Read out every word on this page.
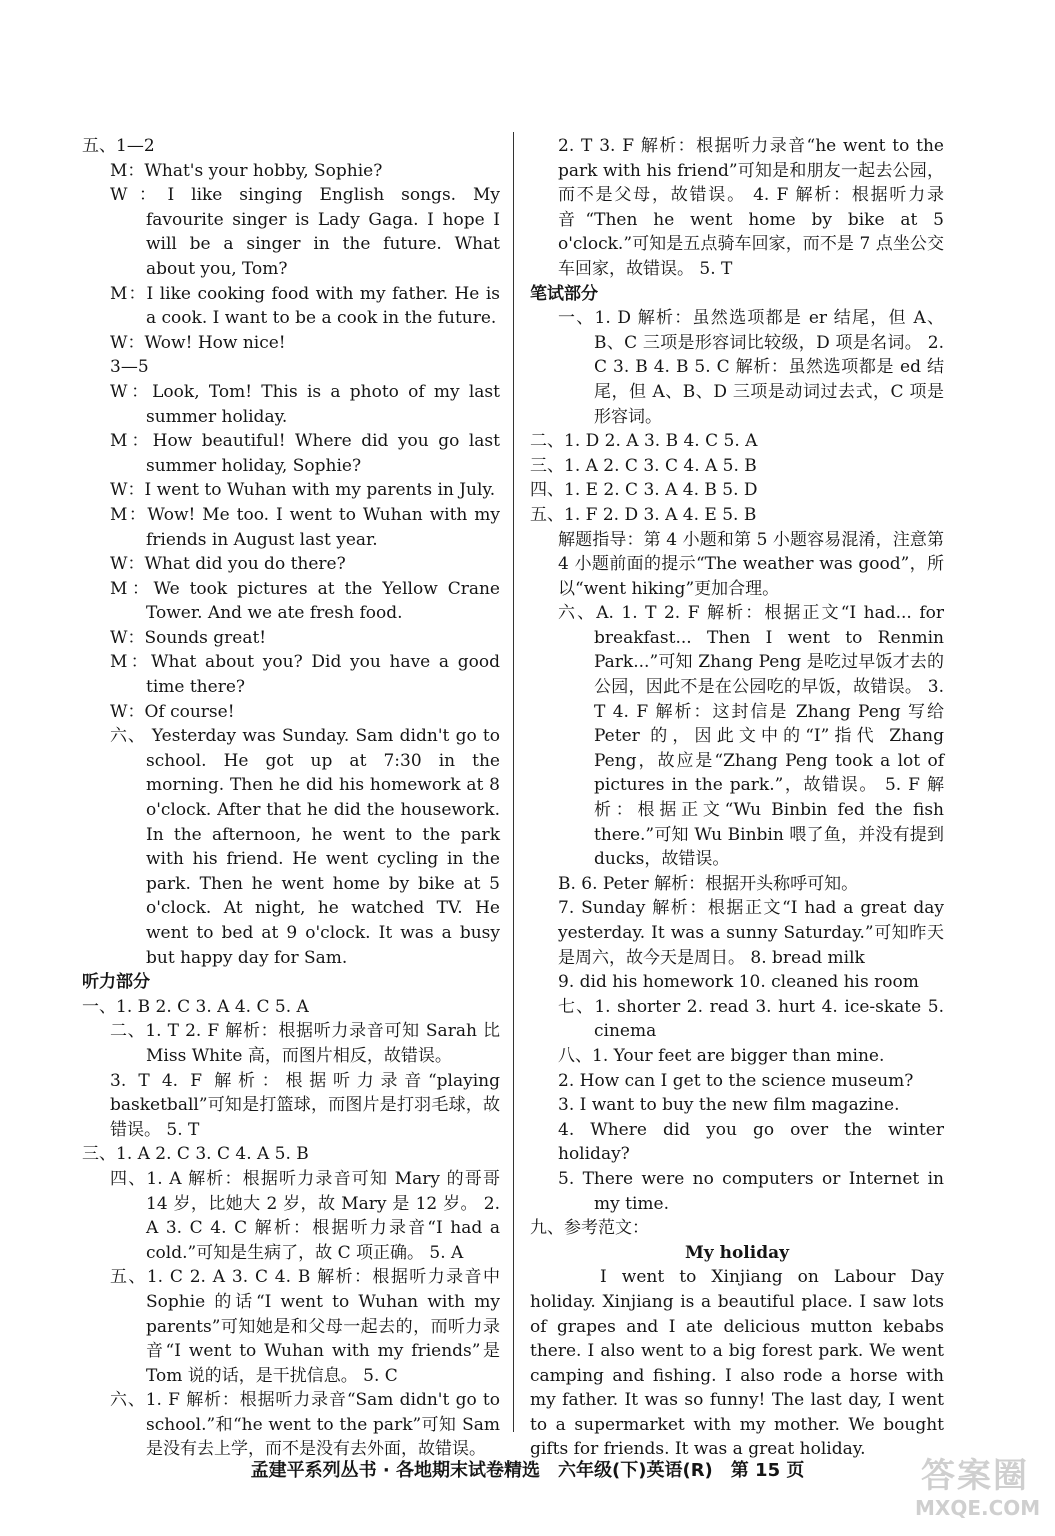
五、1—2

M：What's your hobby, Sophie?

W：I like singing English songs. My favourite singer is Lady Gaga. I hope I will be a singer in the future. What about you, Tom?

M：I like cooking food with my father. He is a cook. I want to be a cook in the future.

W：Wow! How nice!

3—5

W：Look, Tom! This is a photo of my last summer holiday.

M：How beautiful! Where did you go last summer holiday, Sophie?

W：I went to Wuhan with my parents in July.

M：Wow! Me too. I went to Wuhan with my friends in August last year.

W：What did you do there?

M：We took pictures at the Yellow Crane Tower. And we ate fresh food.

W：Sounds great!

M：What about you? Did you have a good time there?

W：Of course!

六、 Yesterday was Sunday. Sam didn't go to school. He got up at 7:30 in the morning. Then he did his homework at 8 o'clock. After that he did the housework. In the afternoon, he went to the park with his friend. He went cycling in the park. Then he went home by bike at 5 o'clock. At night, he watched TV. He went to bed at 9 o'clock. It was a busy but happy day for Sam.

听力部分

一、1. B 2. C 3. A 4. C 5. A

二、1. T 2. F 解析：根据听力录音可知 Sarah 比 Miss White 高，而图片相反，故错误。

3. T 4. F 解析：根据听力录音“playing basketball”可知是打篮球，而图片是打羽毛球，故错误。 5. T

三、1. A 2. C 3. C 4. A 5. B

四、1. A 解析：根据听力录音可知 Mary 的哥哥 14 岁，比她大 2 岁，故 Mary 是 12 岁。 2. A 3. C 4. C 解析：根据听力录音“I had a cold.”可知是生病了，故 C 项正确。 5. A

五、1. C 2. A 3. C 4. B 解析：根据听力录音中 Sophie 的话“I went to Wuhan with my parents”可知她是和父母一起去的，而听力录音“I went to Wuhan with my friends”是 Tom 说的话，是干扰信息。 5. C

六、1. F 解析：根据听力录音“Sam didn't go to school.”和“he went to the park”可知 Sam 是没有去上学，而不是没有去外面，故错误。

2. T 3. F 解析：根据听力录音“he went to the park with his friend”可知是和朋友一起去公园，而不是父母，故错误。 4. F 解析：根据听力录音“Then he went home by bike at 5 o'clock.”可知是五点骑车回家，而不是 7 点坐公交车回家，故错误。 5. T

笔试部分

一、1. D 解析：虽然选项都是 er 结尾，但 A、B、C 三项是形容词比较级，D 项是名词。 2. C 3. B 4. B 5. C 解析：虽然选项都是 ed 结尾，但 A、B、D 三项是动词过去式，C 项是形容词。

二、1. D 2. A 3. B 4. C 5. A

三、1. A 2. C 3. C 4. A 5. B

四、1. E 2. C 3. A 4. B 5. D

五、1. F 2. D 3. A 4. E 5. B

解题指导：第 4 小题和第 5 小题容易混淆，注意第 4 小题前面的提示“The weather was good”，所以“went hiking”更加合理。

六、A. 1. T 2. F 解析：根据正文“I had... for breakfast... Then I went to Renmin Park...”可知 Zhang Peng 是吃过早饭才去的公园，因此不是在公园吃的早饭，故错误。 3. T 4. F 解析：这封信是 Zhang Peng 写给 Peter 的，因此文中的“I”指代 Zhang Peng，故应是“Zhang Peng took a lot of pictures in the park.”，故错误。 5. F 解析：根据正文“Wu Binbin fed the fish there.”可知 Wu Binbin 喂了鱼，并没有提到 ducks，故错误。

B. 6. Peter 解析：根据开头称呼可知。

7. Sunday 解析：根据正文“I had a great day yesterday. It was a sunny Saturday.”可知昨天是周六，故今天是周日。 8. bread milk

9. did his homework 10. cleaned his room

七、1. shorter 2. read 3. hurt 4. ice-skate 5. cinema

八、1. Your feet are bigger than mine.

2. How can I get to the science museum?

3. I want to buy the new film magazine.

4. Where did you go over the winter holiday?

5. There were no computers or Internet in my time.

九、参考范文：

My holiday

I went to Xinjiang on Labour Day holiday. Xinjiang is a beautiful place. I saw lots of grapes and I ate delicious mutton kebabs there. I also went to a big forest park. We went camping and fishing. I also rode a horse with my father. It was so funny! The last day, I went to a supermarket with my mother. We bought gifts for friends. It was a great holiday.

孟建平系列丛书 · 各地期末试卷精选　六年级(下)英语(R)　第 15 页	答案圈
MXQE.COM
